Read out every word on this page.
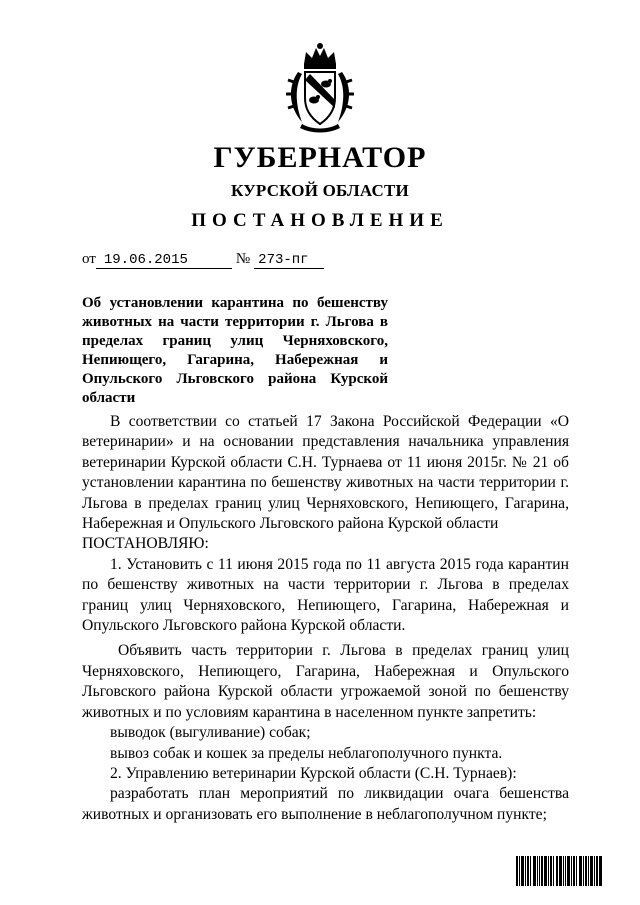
ГУБЕРНАТОР
КУРСКОЙ ОБЛАСТИ
ПОСТАНОВЛЕНИЕ
от 19.06.2015	№ 273-пг
Об установлении карантина по бешенству животных на части территории г. Льгова в пределах границ улиц Черняховского, Непиющего, Гагарина, Набережная и Опульского Льговского района Курской области

В соответствии со статьей 17 Закона Российской Федерации «О ветеринарии» и на основании представления начальника управления ветеринарии Курской области С.Н. Турнаева от 11 июня 2015г. № 21 об установлении карантина по бешенству животных на части территории г. Льгова в пределах границ улиц Черняховского, Непиющего, Гагарина, Набережная и Опульского Льговского района Курской области

ПОСТАНОВЛЯЮ:

1. Установить с 11 июня 2015 года по 11 августа 2015 года карантин по бешенству животных на части территории г. Льгова в пределах границ улиц Черняховского, Непиющего, Гагарина, Набережная и Опульского Льговского района Курской области.

Объявить часть территории г. Льгова в пределах границ улиц Черняховского, Непиющего, Гагарина, Набережная и Опульского Льговского района Курской области угрожаемой зоной по бешенству животных и по условиям карантина в населенном пункте запретить:

выводок (выгуливание) собак;

вывоз собак и кошек за пределы неблагополучного пункта.

2. Управлению ветеринарии Курской области (С.Н. Турнаев):

разработать план мероприятий по ликвидации очага бешенства животных и организовать его выполнение в неблагополучном пункте;
